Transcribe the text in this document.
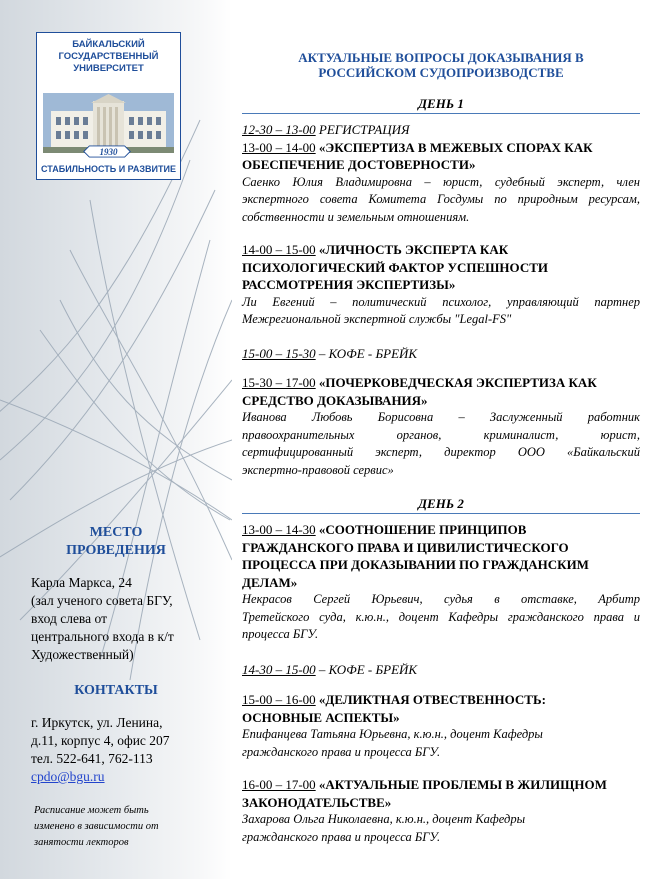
БАЙКАЛЬСКИЙ
ГОСУДАРСТВЕННЫЙ
УНИВЕРСИТЕТ
1930
СТАБИЛЬНОСТЬ И РАЗВИТИЕ
МЕСТО
ПРОВЕДЕНИЯ
Карла Маркса, 24
(зал ученого совета БГУ,
вход слева от
центрального входа в к/т
Художественный)
КОНТАКТЫ
г. Иркутск, ул. Ленина,
д.11, корпус 4, офис 207
тел. 522-641, 762-113
cpdo@bgu.ru
Расписание может быть
изменено в зависимости от
занятости лекторов
АКТУАЛЬНЫЕ ВОПРОСЫ ДОКАЗЫВАНИЯ В
РОССИЙСКОМ СУДОПРОИЗВОДСТВЕ
ДЕНЬ 1
12-30 – 13-00 РЕГИСТРАЦИЯ
13-00 – 14-00 «ЭКСПЕРТИЗА В МЕЖЕВЫХ СПОРАХ КАК
ОБЕСПЕЧЕНИЕ ДОСТОВЕРНОСТИ»
Саенко Юлия Владимировна – юрист, судебный эксперт, член
экспертного совета Комитета Госдумы по природным ресурсам,
собственности и земельным отношениям.
14-00 – 15-00 «ЛИЧНОСТЬ ЭКСПЕРТА КАК
ПСИХОЛОГИЧЕСКИЙ ФАКТОР УСПЕШНОСТИ
РАССМОТРЕНИЯ ЭКСПЕРТИЗЫ»
Ли Евгений – политический психолог, управляющий партнер
Межрегиональной экспертной службы "Legal-FS"
15-00 – 15-30 – КОФЕ - БРЕЙК
15-30 – 17-00 «ПОЧЕРКОВЕДЧЕСКАЯ ЭКСПЕРТИЗА КАК
СРЕДСТВО ДОКАЗЫВАНИЯ»
Иванова Любовь Борисовна – Заслуженный работник
правоохранительных органов, криминалист, юрист,
сертифицированный эксперт, директор ООО «Байкальский
экспертно-правовой сервис»
ДЕНЬ 2
13-00 – 14-30 «СООТНОШЕНИЕ ПРИНЦИПОВ
ГРАЖДАНСКОГО ПРАВА И ЦИВИЛИСТИЧЕСКОГО
ПРОЦЕССА ПРИ ДОКАЗЫВАНИИ ПО ГРАЖДАНСКИМ
ДЕЛАМ»
Некрасов Сергей Юрьевич, судья в отставке, Арбитр
Третейского суда, к.ю.н., доцент Кафедры гражданского права и
процесса БГУ.
14-30 – 15-00 – КОФЕ - БРЕЙК
15-00 – 16-00 «ДЕЛИКТНАЯ ОТВЕСТВЕННОСТЬ:
ОСНОВНЫЕ АСПЕКТЫ»
Епифанцева Татьяна Юрьевна, к.ю.н., доцент Кафедры
гражданского права и процесса БГУ.
16-00 – 17-00 «АКТУАЛЬНЫЕ ПРОБЛЕМЫ В ЖИЛИЩНОМ
ЗАКОНОДАТЕЛЬСТВЕ»
Захарова Ольга Николаевна, к.ю.н., доцент Кафедры
гражданского права и процесса БГУ.
